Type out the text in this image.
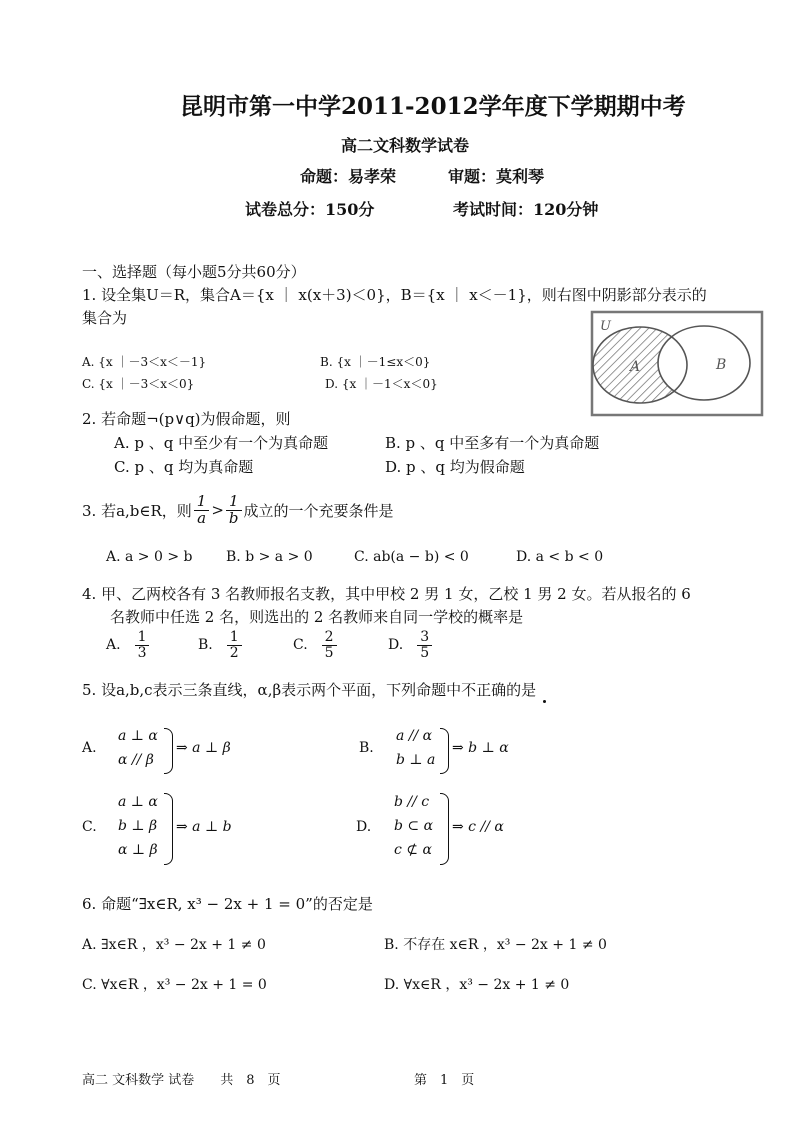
昆明市第一中学2011-2012学年度下学期期中考
高二文科数学试卷
命题：易孝荣	审题：莫利琴
试卷总分：150分	考试时间：120分钟
一、选择题（每小题5分共60分）
1. 设全集U＝R，集合A＝{x ｜ x(x＋3)＜0}，B＝{x ｜ x＜－1}，则右图中阴影部分表示的
集合为
A. {x ｜－3＜x＜－1}	B. {x ｜－1≤x＜0}
C. {x ｜－3＜x＜0}	D. {x ｜－1＜x＜0}
U
A	B
2. 若命题¬(p∨q)为假命题，则
A. p 、q 中至少有一个为真命题	B. p 、q 中至多有一个为真命题
C. p 、q 均为真命题	D. p 、q 均为假命题
3. 若a,b∈R，则 $\frac{1}{a} > \frac{1}{b}$ 成立的一个充要条件是
A. a > 0 > b B. b > a > 0	C. ab(a − b) < 0	D. a < b < 0
4. 甲、乙两校各有 3 名教师报名支教，其中甲校 2 男 1 女，乙校 1 男 2 女。若从报名的 6
名教师中任选 2 名，则选出的 2 名教师来自同一学校的概率是
A. $\frac{1}{3}$	B. $\frac{1}{2}$	C. $\frac{2}{5}$	D. $\frac{3}{5}$
5. 设a,b,c表示三条直线，α,β表示两个平面，下列命题中不正确的是
A.
a ⊥ α
α // β
⇒ a ⊥ β	B.
a // α
b ⊥ a
⇒ b ⊥ α
C.
a ⊥ α
b ⊥ β
α ⊥ β
⇒ a ⊥ b	D.
b // c
b ⊂ α
c ⊄ α
⇒ c // α
6. 命题“∃x∈R, x³ − 2x + 1 = 0”的否定是
A. ∃x∈R ，x³ − 2x + 1 ≠ 0	B. 不存在 x∈R ，x³ − 2x + 1 ≠ 0
C. ∀x∈R ，x³ − 2x + 1 = 0	D. ∀x∈R ，x³ − 2x + 1 ≠ 0
高二 文科数学 试卷　　共　8　页	第　1　页
